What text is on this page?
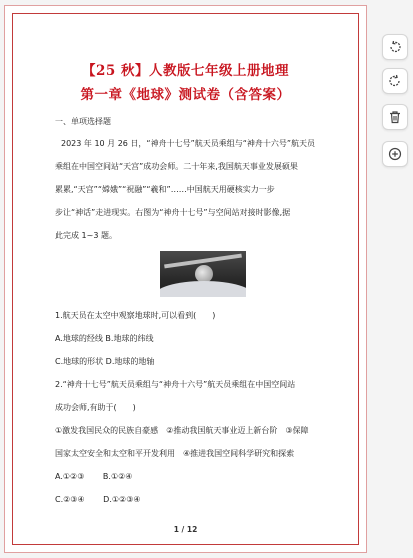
【25 秋】人教版七年级上册地理
第一章《地球》测试卷（含答案）
一、单项选择题
2023 年 10 月 26 日，“神舟十七号”航天员乘组与“神舟十六号”航天员
乘组在中国空间站“天宫”成功会师。二十年来,我国航天事业发展硕果
累累,“天宫”“嫦娥”“祝融”“羲和”……中国航天用硬核实力一步
步让“神话”走进现实。右图为“神舟十七号”与空间站对接时影像,据
此完成 1~3 题。
1.航天员在太空中观察地球时,可以看到(　　)
A.地球的经线 B.地球的纬线
C.地球的形状 D.地球的地轴
2.“神舟十七号”航天员乘组与“神舟十六号”航天员乘组在中国空间站
成功会师,有助于(　　)
①激发我国民众的民族自豪感　②推动我国航天事业迈上新台阶　③保障
国家太空安全和太空和平开发利用　④推进我国空间科学研究和探索
A.①②③　　 B.①②④
C.②③④　　 D.①②③④
1 / 12
